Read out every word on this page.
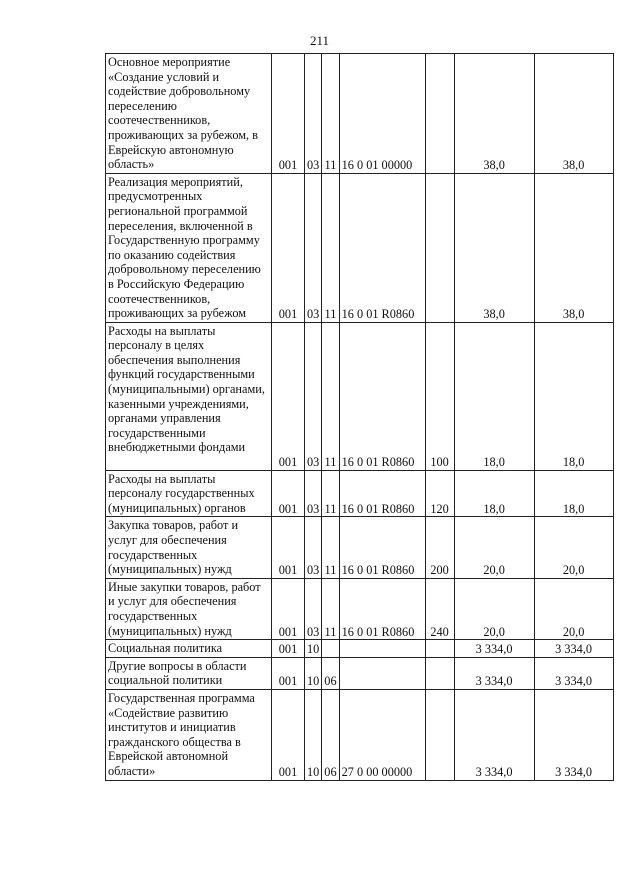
211
Основное мероприятие «Создание условий и содействие добровольному переселению соотечественников, проживающих за рубежом, в Еврейскую автономную область»	001	03	11	16 0 01 00000		38,0	38,0
Реализация мероприятий, предусмотренных региональной программой переселения, включенной в Государственную программу по оказанию содействия добровольному переселению в Российскую Федерацию соотечественников, проживающих за рубежом	001	03	11	16 0 01 R0860		38,0	38,0
Расходы на выплаты персоналу в целях обеспечения выполнения функций государственными (муниципальными) органами, казенными учреждениями, органами управления государственными внебюджетными фондами	001	03	11	16 0 01 R0860	100	18,0	18,0
Расходы на выплаты персоналу государственных (муниципальных) органов	001	03	11	16 0 01 R0860	120	18,0	18,0
Закупка товаров, работ и услуг для обеспечения государственных (муниципальных) нужд	001	03	11	16 0 01 R0860	200	20,0	20,0
Иные закупки товаров, работ и услуг для обеспечения государственных (муниципальных) нужд	001	03	11	16 0 01 R0860	240	20,0	20,0
Социальная политика	001	10				3 334,0	3 334,0
Другие вопросы в области социальной политики	001	10	06			3 334,0	3 334,0
Государственная программа «Содействие развитию институтов и инициатив гражданского общества в Еврейской автономной области»	001	10	06	27 0 00 00000		3 334,0	3 334,0
